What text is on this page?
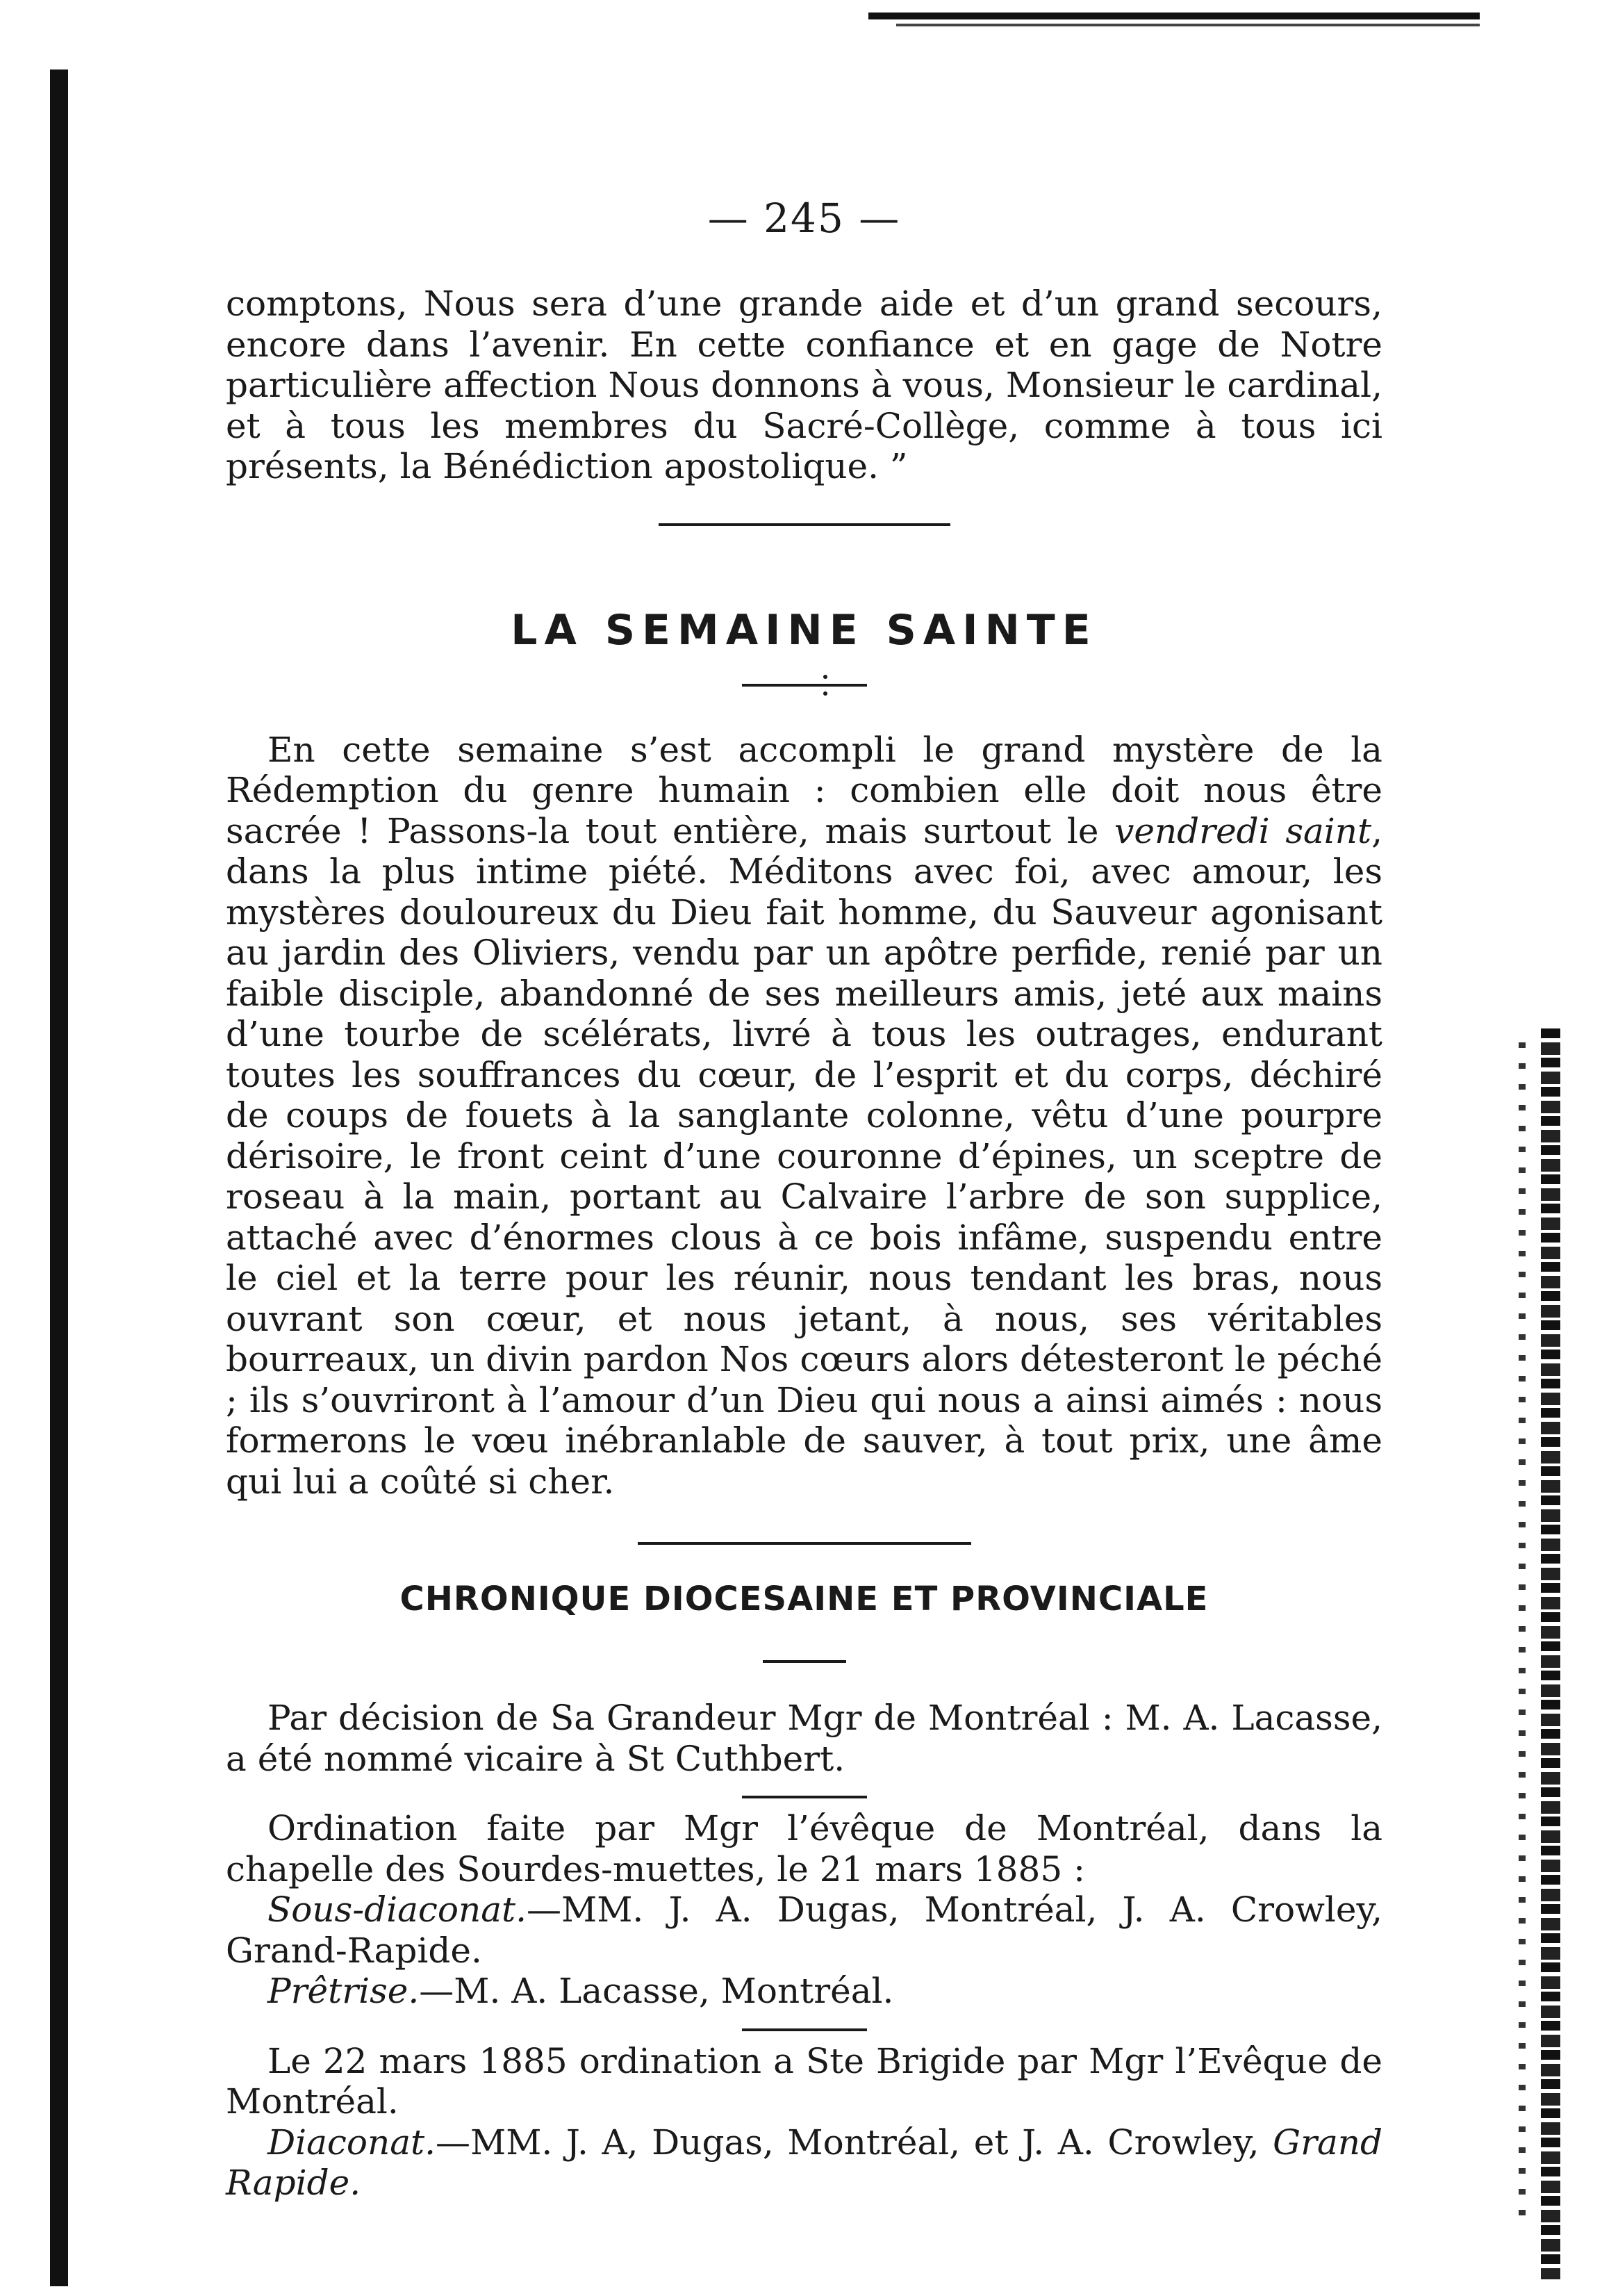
— 245 —

comptons, Nous sera d’une grande aide et d’un grand secours, encore dans l’avenir. En cette confiance et en gage de Notre particulière affection Nous donnons à vous, Monsieur le cardinal, et à tous les membres du Sacré-Collège, comme à tous ici présents, la Bénédiction apostolique. ”

LA SEMAINE SAINTE

En cette semaine s’est accompli le grand mystère de la Rédemption du genre humain : combien elle doit nous être sacrée ! Passons-la tout entière, mais surtout le vendredi saint, dans la plus intime piété. Méditons avec foi, avec amour, les mystères douloureux du Dieu fait homme, du Sauveur agonisant au jardin des Oliviers, vendu par un apôtre perfide, renié par un faible disciple, abandonné de ses meilleurs amis, jeté aux mains d’une tourbe de scélérats, livré à tous les outrages, endurant toutes les souffrances du cœur, de l’esprit et du corps, déchiré de coups de fouets à la sanglante colonne, vêtu d’une pourpre dérisoire, le front ceint d’une couronne d’épines, un sceptre de roseau à la main, portant au Calvaire l’arbre de son supplice, attaché avec d’énormes clous à ce bois infâme, suspendu entre le ciel et la terre pour les réunir, nous tendant les bras, nous ouvrant son cœur, et nous jetant, à nous, ses véritables bourreaux, un divin pardon Nos cœurs alors détesteront le péché ; ils s’ouvriront à l’amour d’un Dieu qui nous a ainsi aimés : nous formerons le vœu inébranlable de sauver, à tout prix, une âme qui lui a coûté si cher.

CHRONIQUE DIOCESAINE ET PROVINCIALE

Par décision de Sa Grandeur Mgr de Montréal : M. A. Lacasse, a été nommé vicaire à St Cuthbert.

Ordination faite par Mgr l’évêque de Montréal, dans la chapelle des Sourdes-muettes, le 21 mars 1885 :

Sous-diaconat.—MM. J. A. Dugas, Montréal, J. A. Crowley, Grand-Rapide.

Prêtrise.—M. A. Lacasse, Montréal.

Le 22 mars 1885 ordination a Ste Brigide par Mgr l’Evêque de Montréal.

Diaconat.—MM. J. A, Dugas, Montréal, et J. A. Crowley, Grand Rapide.
